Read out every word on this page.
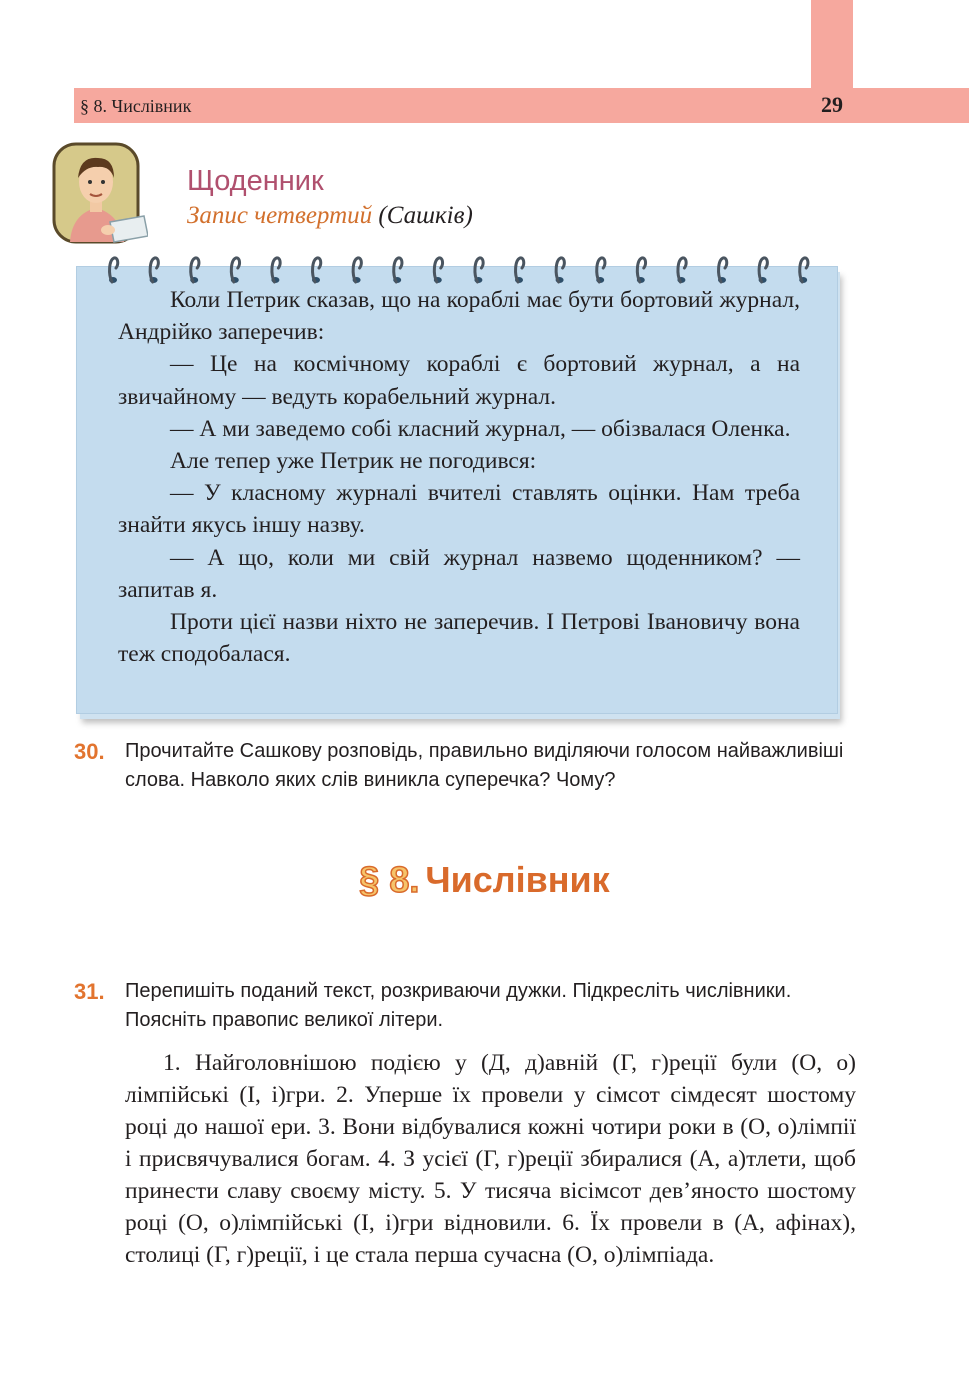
§ 8. Числівник	29
Щоденник
Запис четвертий (Сашків)

Коли Петрик сказав, що на кораблі має бути бортовий журнал, Андрійко заперечив:

— Це на космічному кораблі є бортовий журнал, а на звичайному — ведуть корабельний журнал.

— А ми заведемо собі класний журнал, — обізвалася Оленка.

Але тепер уже Петрик не погодився:

— У класному журналі вчителі ставлять оцінки. Нам треба знайти якусь іншу назву.

— А що, коли ми свій журнал назвемо щоденником? — запитав я.

Проти цієї назви ніхто не заперечив. І Петрові Івановичу вона теж сподобалася.

30. Прочитайте Сашкову розповідь, правильно виділяючи голосом найважливіші слова. Навколо яких слів виникла суперечка? Чому?
§ 8. Числівник
31. Перепишіть поданий текст, розкриваючи дужки. Підкресліть числівники. Поясніть правопис великої літери.

1. Найголовнішою подією у (Д, д)авній (Г, г)реції були (О, о) лімпійські (І, і)гри. 2. Уперше їх провели у сімсот сімдесят шостому році до нашої ери. 3. Вони відбувалися кожні чотири роки в (О, о)лімпії і присвячувалися богам. 4. З усієї (Г, г)реції збиралися (А, а)тлети, щоб принести славу своєму місту. 5. У тисяча вісімсот дев’яносто шостому році (О, о)лімпійські (І, і)гри відновили. 6. Їх провели в (А, афінах), столиці (Г, г)реції, і це стала перша сучасна (О, о)лімпіада.
